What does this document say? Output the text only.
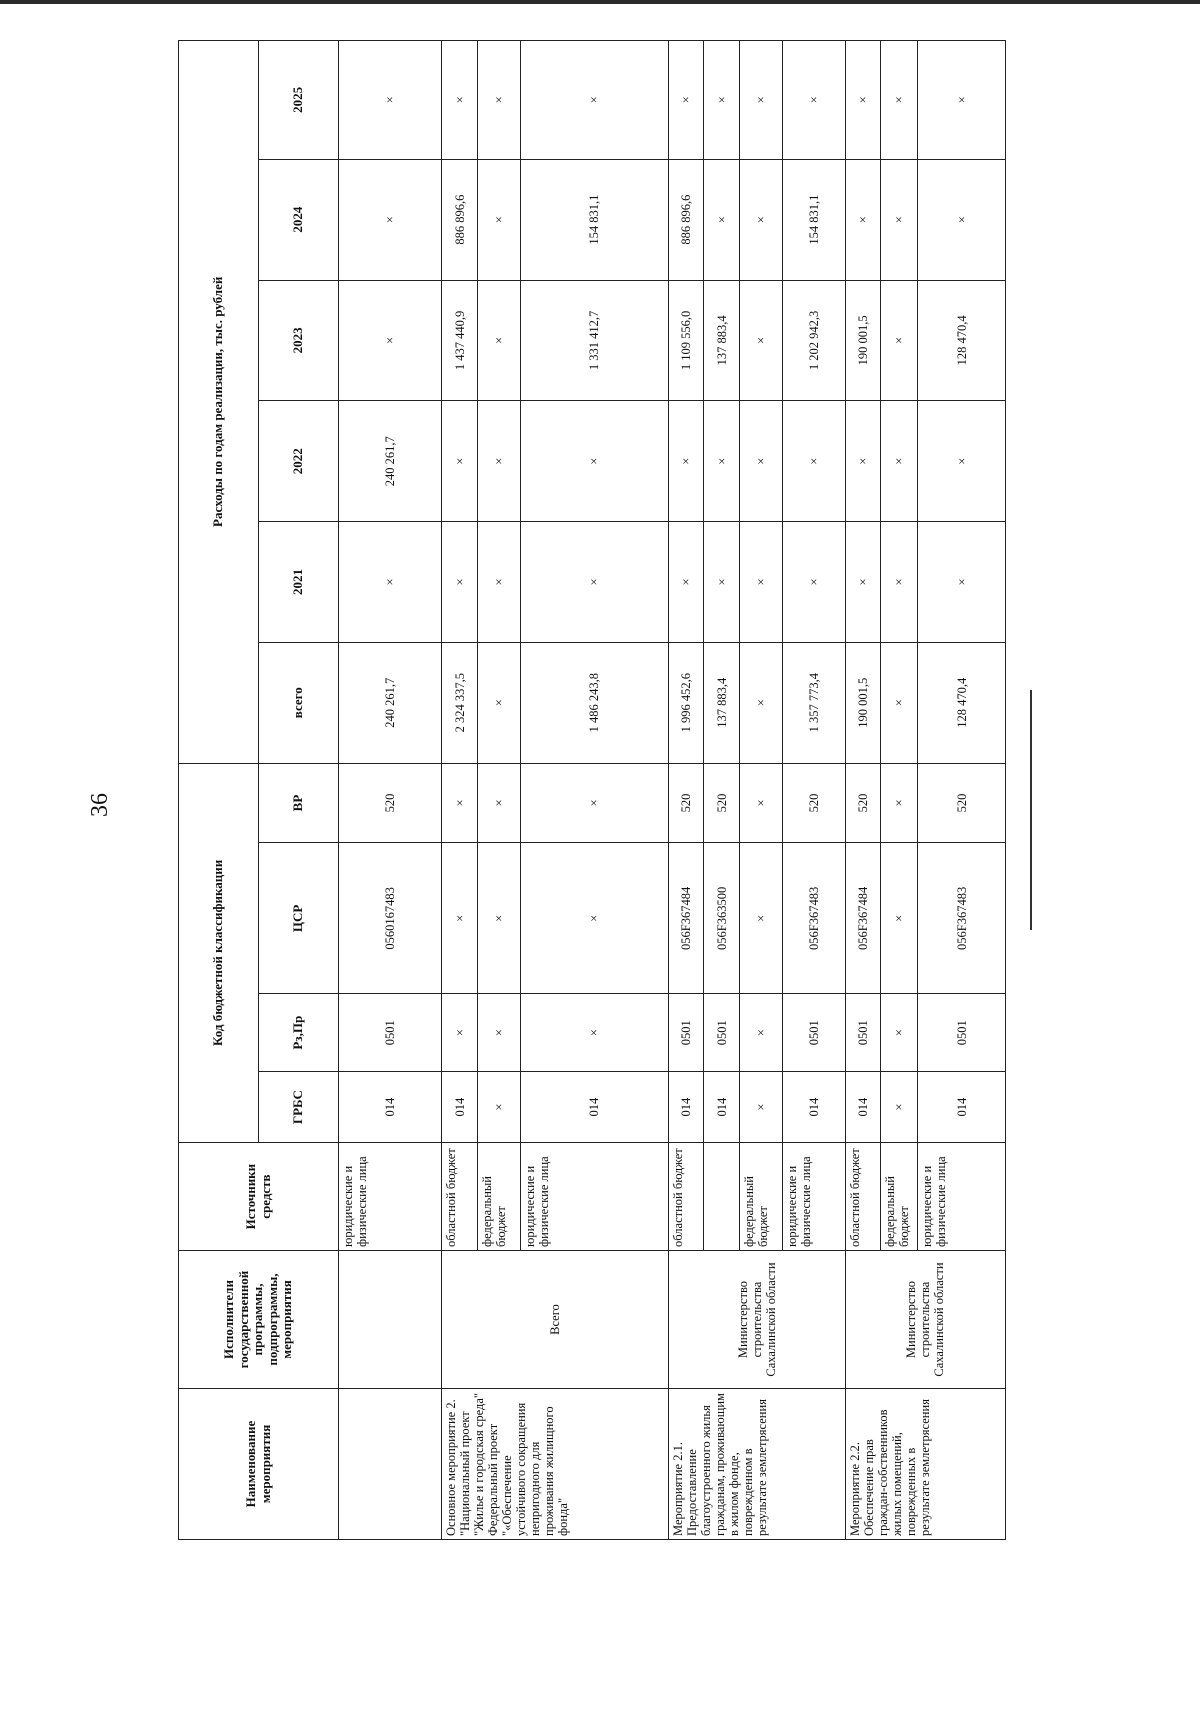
36
Наименование мероприятия	Исполнители государственной программы, подпрограммы, мероприятия	Источники средств	Код бюджетной классификации				Расходы по годам реализации, тыс. рублей					
			ГРБС	Рз,Пр	ЦСР	ВР	всего	2021	2022	2023	2024	2025
		юридические и физические лица	014	0501	0560167483	520	240 261,7	×	240 261,7	×	×	×
Основное мероприятие 2. "Национальный проект "Жилье и городская среда" Федеральный проект "«Обеспечение устойчивого сокращения непригодного для проживания жилищного фонда"	Всего	областной бюджет	014	×	×	×	2 324 337,5	×	×	1 437 440,9	886 896,6	×
		федеральный бюджет	×	×	×	×	×	×	×	×	×	×
		юридические и физические лица	014	×	×	×	1 486 243,8	×	×	1 331 412,7	154 831,1	×
Мероприятие 2.1. Предоставление благоустроенного жилья гражданам, проживающим в жилом фонде, поврежденном в результате землетрясения	Министерство строительства Сахалинской области	областной бюджет	014	0501	056F367484	520	1 996 452,6	×	×	1 109 556,0	886 896,6	×
			014	0501	056F363500	520	137 883,4	×	×	137 883,4	×	×
		федеральный бюджет	×	×	×	×	×	×	×	×	×	×
		юридические и физические лица	014	0501	056F367483	520	1 357 773,4	×	×	1 202 942,3	154 831,1	×
Мероприятие 2.2. Обеспечение прав граждан-собственников жилых помещений, поврежденных в результате землетрясения	Министерство строительства Сахалинской области	областной бюджет	014	0501	056F367484	520	190 001,5	×	×	190 001,5	×	×
		федеральный бюджет	×	×	×	×	×	×	×	×	×	×
		юридические и физические лица	014	0501	056F367483	520	128 470,4	×	×	128 470,4	×	×
